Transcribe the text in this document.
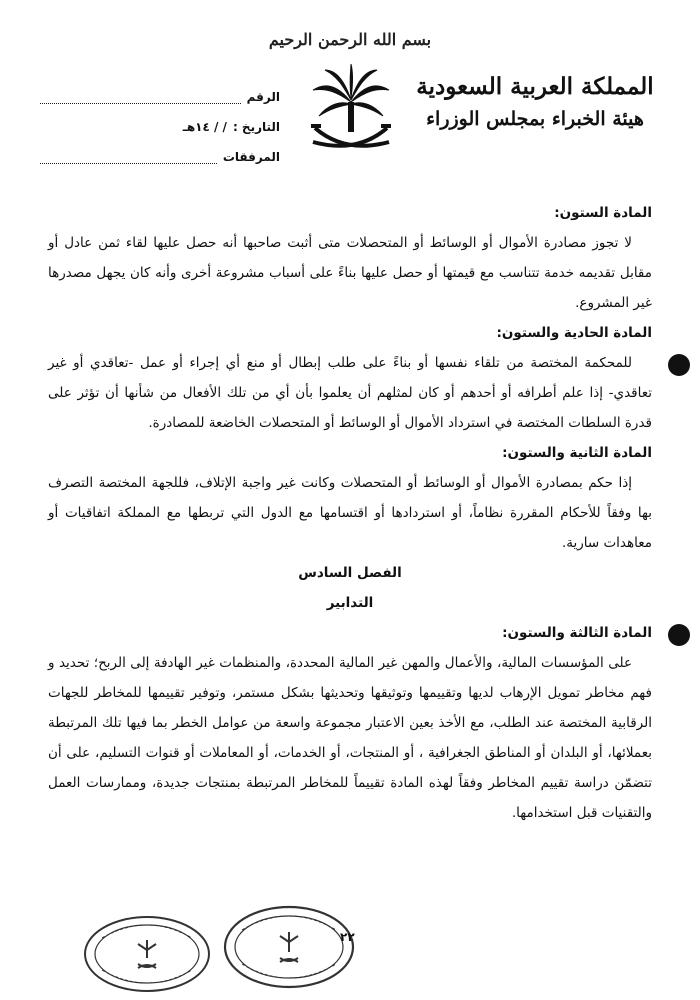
بسم الله الرحمن الرحيم
المملكة العربية السعودية
هيئة الخبراء بمجلس الوزراء
الرقم
التاريخ :
/ / ١٤هـ
المرفقات

المادة الستون:

لا تجوز مصادرة الأموال أو الوسائط أو المتحصلات متى أثبت صاحبها أنه حصل عليها لقاء ثمن عادل أو مقابل تقديمه خدمة تتناسب مع قيمتها أو حصل عليها بناءً على أسباب مشروعة أخرى وأنه كان يجهل مصدرها غير المشروع.

المادة الحادية والستون:

للمحكمة المختصة من تلقاء نفسها أو بناءً على طلب إبطال أو منع أي إجراء أو عمل -تعاقدي أو غير تعاقدي- إذا علم أطرافه أو أحدهم أو كان لمثلهم أن يعلموا بأن أي من تلك الأفعال من شأنها أن تؤثر على قدرة السلطات المختصة في استرداد الأموال أو الوسائط أو المتحصلات الخاضعة للمصادرة.

المادة الثانية والستون:

إذا حكم بمصادرة الأموال أو الوسائط أو المتحصلات وكانت غير واجبة الإتلاف، فللجهة المختصة التصرف بها وفقاً للأحكام المقررة نظاماً، أو استردادها أو اقتسامها مع الدول التي تربطها مع المملكة اتفاقيات أو معاهدات سارية.

الفصل السادس

التدابير

المادة الثالثة والستون:

على المؤسسات المالية، والأعمال والمهن غير المالية المحددة، والمنظمات غير الهادفة إلى الربح؛ تحديد و فهم مخاطر تمويل الإرهاب لديها وتقييمها وتوثيقها وتحديثها بشكل مستمر، وتوفير تقييمها للمخاطر للجهات الرقابية المختصة عند الطلب، مع الأخذ بعين الاعتبار مجموعة واسعة من عوامل الخطر بما فيها تلك المرتبطة بعملائها، أو البلدان أو المناطق الجغرافية ، أو المنتجات، أو الخدمات، أو المعاملات أو قنوات التسليم، على أن تتضمّن دراسة تقييم المخاطر وفقاً لهذه المادة تقييماً للمخاطر المرتبطة بمنتجات جديدة، وممارسات العمل والتقنيات قبل استخدامها.

٢٢
